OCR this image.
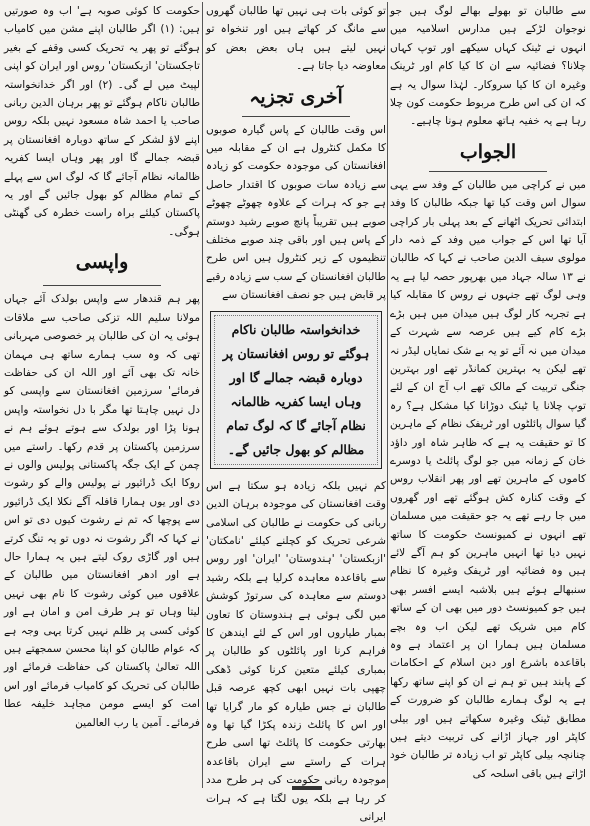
سے طالبان تو بھولے بھالے لوگ ہیں جو نوجوان لڑکے ہیں مدارس اسلامیہ میں انہوں نے ٹینک کہاں سیکھے اور توپ کہاں چلانا؟ فضائیہ سے ان کا کیا کام اور ٹرینک وغیرہ ان کا کیا سروکار۔ لہٰذا سوال یہ ہے کہ ان کی اس طرح مربوط حکومت کون چلا رہا ہے یہ خفیہ ہاتھ معلوم ہونا چاہیے۔

الجواب

میں نے کراچی میں طالبان کے وفد سے یہی سوال اس وقت کیا تھا جبکہ طالبان کا وفد ابتدائی تحریک اٹھانے کے بعد پہلی بار کراچی آیا تھا اس کے جواب میں وفد کے ذمہ دار مولوی سیف الدین صاحب نے کہا کہ طالبان نے ۱۳ سالہ جہاد میں بھرپور حصہ لیا ہے یہ وہی لوگ تھے جنہوں نے روس کا مقابلہ کیا ہے تجربہ کار لوگ ہیں میدان میں ہیں بڑے بڑے کام کیے ہیں عرصہ سے شہرت کے میدان میں نہ آئے تو یہ بے شک نمایاں لیڈر نہ تھے لیکن یہ بہترین کمانڈر تھے اور بہترین جنگی تربیت کے مالک تھے اب آج ان کے لئے توپ چلانا یا ٹینک دوڑانا کیا مشکل ہے؟ رہ گیا سوال پائلٹوں اور ٹریفک نظام کے ماہرین کا تو حقیقت یہ ہے کہ ظاہر شاہ اور داؤد خان کے زمانہ میں جو لوگ پائلٹ یا دوسرے کاموں کے ماہرین تھے اور پھر انقلاب روس کے وقت کنارہ کش ہوگئے تھے اور گھروں میں جا رہے تھے یہ جو حقیقت میں مسلمان تھے انہوں نے کمیونسٹ حکومت کا ساتھ نہیں دیا تھا انہیں ماہرین کو ہم آگے لائے ہیں وہ فضائیہ اور ٹریفک وغیرہ کا نظام سنبھالے ہوئے ہیں بلاشبہ ایسے افسر بھی ہیں جو کمیونسٹ دور میں بھی ان کے ساتھ کام میں شریک تھے لیکن اب وہ بچے مسلمان ہیں ہمارا ان پر اعتماد ہے وہ باقاعدہ باشرع اور دین اسلام کے احکامات کے پابند ہیں تو ہم نے ان کو اپنے ساتھ رکھا ہے یہ لوگ ہمارے طالبان کو ضرورت کے مطابق ٹینک وغیرہ سکھاتے ہیں اور بیلی کاپٹر اور جہاز اڑانے کی تربیت دیتے ہیں چنانچہ بیلی کاپٹر تو اب زیادہ تر طالبان خود اڑاتے ہیں باقی اسلحہ کی

تو کوئی بات ہی نہیں تھا طالبان گھروں سے مانگ کر کھاتے ہیں اور تنخواہ تو نہیں لیتے ہیں ہاں بعض بعض کو معاوضہ دیا جاتا ہے۔

آخری تجزیہ

اس وقت طالبان کے پاس گیارہ صوبوں کا مکمل کنٹرول ہے ان کے مقابلہ میں افغانستان کی موجودہ حکومت کو زیادہ سے زیادہ سات صوبوں کا اقتدار حاصل ہے جو کہ ہرات کے علاوہ چھوٹے چھوٹے صوبے ہیں تقریباً پانچ صوبے رشید دوستم کے پاس ہیں اور باقی چند صوبے مختلف تنظیموں کے زیر کنٹرول ہیں اس طرح طالبان افغانستان کے سب سے زیادہ رقبے پر قابض ہیں جو نصف افغانستان سے

خدانخواستہ طالبان ناکام ہوگئے تو روس افغانستان پر دوبارہ قبضہ جمالے گا اور وہاں ایسا کفریہ ظالمانہ نظام آجائے گا کہ لوگ تمام مظالم کو بھول جائیں گے۔

کم نہیں بلکہ زیادہ ہو سکتا ہے اس وقت افغانستان کی موجودہ برہان الدین ربانی کی حکومت نے طالبان کی اسلامی شرعی تحریک کو کچلنے کیلئے 'نامکتان' 'ازبکستان' 'ہندوستان' 'ایران' اور روس سے باقاعدہ معاہدہ کرلیا ہے بلکہ رشید دوستم سے معاہدہ کی سرتوڑ کوشش میں لگی ہوئی ہے ہندوستان کا تعاون بمبار طیاروں اور اس کے لئے ایندھن کا فراہم کرنا اور پائلٹوں کو طالبان پر بمباری کیلئے متعین کرنا کوئی ڈھکی چھپی بات نہیں ابھی کچھ عرصہ قبل طالبان نے جس طیارہ کو مار گرایا تھا اور اس کا پائلٹ زندہ پکڑا گیا تھا وہ بھارتی حکومت کا پائلٹ تھا اسی طرح ہرات کے راستے سے ایران باقاعدہ موجودہ ربانی حکومت کی ہر طرح مدد کر رہا ہے بلکہ یوں لگتا ہے کہ ہرات ایرانی

حکومت کا کوئی صوبہ ہے' اب وہ صورتیں ہیں: (۱) اگر طالبان اپنے مشن میں کامیاب ہوگئے تو پھر یہ تحریک کسی وقفے کے بغیر تاجکستان' ازبکستان' روس اور ایران کو اپنی لپیٹ میں لے گی۔ (۲) اور اگر خدانخواستہ طالبان ناکام ہوگئے تو پھر برہان الدین ربانی صاحب یا احمد شاہ مسعود نہیں بلکہ روس اپنے لاؤ لشکر کے ساتھ دوبارہ افغانستان پر قبضہ جمالے گا اور پھر وہاں ایسا کفریہ ظالمانہ نظام آجائے گا کہ لوگ اس سے پہلے کے تمام مظالم کو بھول جائیں گے اور یہ پاکستان کیلئے براہ راست خطرہ کی گھنٹی ہوگی۔

واپسی

پھر ہم قندھار سے واپس بولدک آئے جہاں مولانا سلیم اللہ تزکی صاحب سے ملاقات ہوئی یہ ان کی طالبان پر خصوصی مہربانی تھی کہ وہ سب ہمارے ساتھ ہی مہمان خانہ تک بھی آئے اور اللہ ان کی حفاظت فرمائے' سرزمین افغانستان سے واپسی کو دل نہیں چاہتا تھا مگر با دل نخواستہ واپس ہونا پڑا اور بولدک سے ہوتے ہوئے ہم نے سرزمین پاکستان پر قدم رکھا۔ راستے میں چمن کے ایک جگہ پاکستانی پولیس والوں نے روکا ایک ڈرائیور نے پولیس والے کو رشوت دی اور یوں ہمارا قافلہ آگے نکلا ایک ڈرائیور سے پوچھا کہ تم نے رشوت کیوں دی تو اس نے کہا کہ اگر رشوت نہ دوں تو یہ تنگ کرتے ہیں اور گاڑی روک لیتے ہیں یہ ہمارا حال ہے اور ادھر افغانستان میں طالبان کے علاقوں میں کوئی رشوت کا نام بھی نہیں لیتا وہاں تو ہر طرف امن و امان ہے اور کوئی کسی پر ظلم نہیں کرتا یہی وجہ ہے کہ عوام طالبان کو اپنا محسن سمجھتے ہیں اللہ تعالیٰ پاکستان کی حفاظت فرمائے اور طالبان کی تحریک کو کامیاب فرمائے اور اس امت کو ایسے مومن مجاہد خلیفہ عطا فرمائے۔ آمین یا رب العالمین
